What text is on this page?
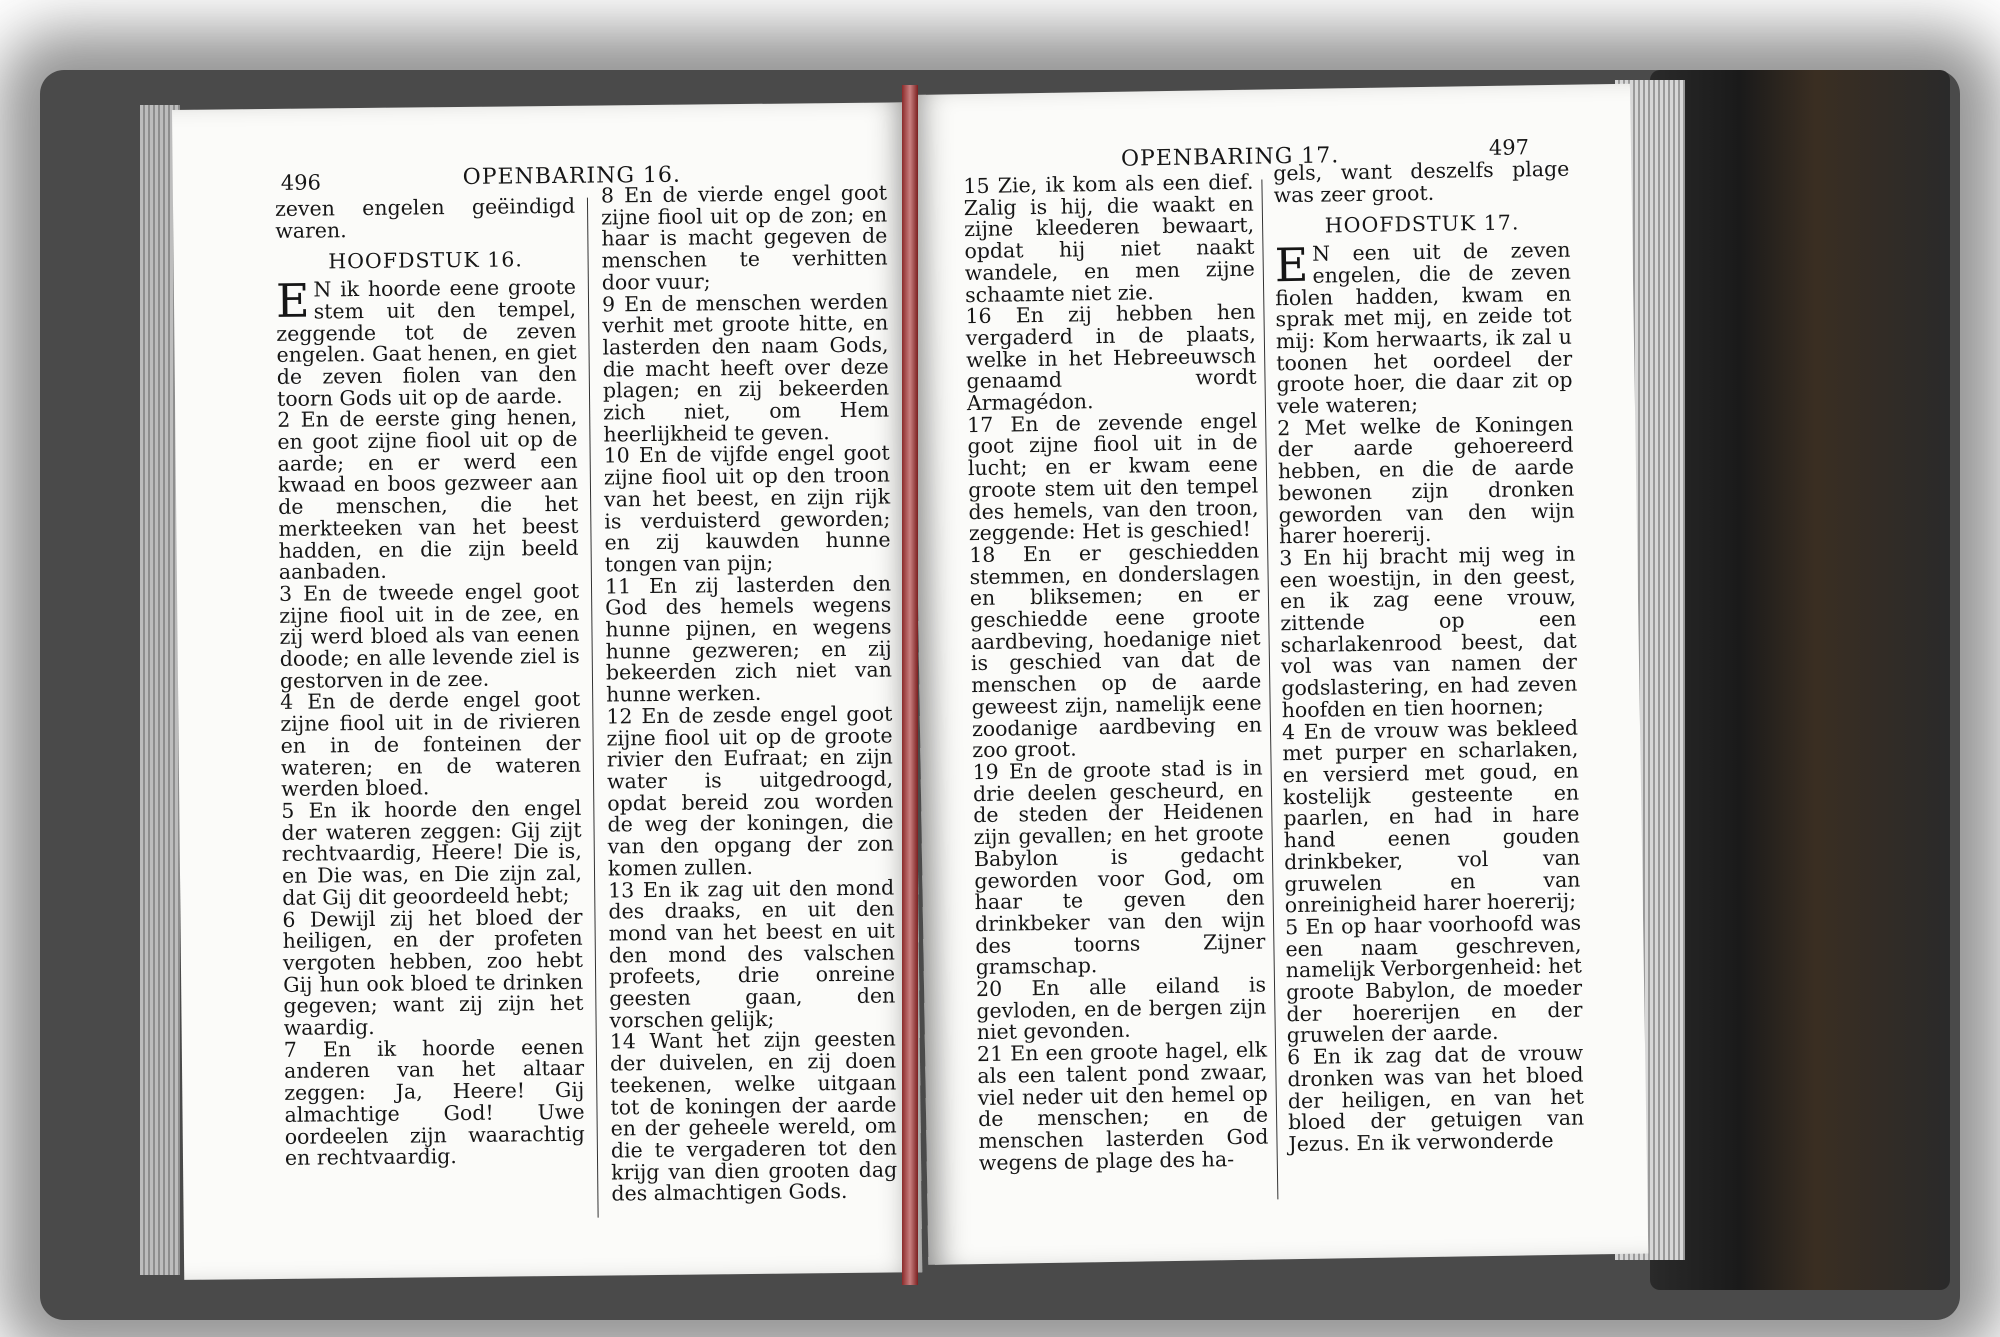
496	OPENBARING 16.

zeven engelen geëindigd waren.

HOOFDSTUK 16.

E N ik hoorde eene groote stem uit den tempel, zeggende tot de zeven engelen. Gaat henen, en giet de zeven fiolen van den toorn Gods uit op de aarde.

2 En de eerste ging henen, en goot zijne fiool uit op de aarde; en er werd een kwaad en boos gezweer aan de menschen, die het merkteeken van het beest hadden, en die zijn beeld aanbaden.

3 En de tweede engel goot zijne fiool uit in de zee, en zij werd bloed als van eenen doode; en alle levende ziel is gestorven in de zee.

4 En de derde engel goot zijne fiool uit in de rivieren en in de fonteinen der wateren; en de wateren werden bloed.

5 En ik hoorde den engel der wateren zeggen: Gij zijt rechtvaardig, Heere! Die is, en Die was, en Die zijn zal, dat Gij dit geoordeeld hebt;

6 Dewijl zij het bloed der heiligen, en der profeten vergoten hebben, zoo hebt Gij hun ook bloed te drinken gegeven; want zij zijn het waardig.

7 En ik hoorde eenen anderen van het altaar zeggen: Ja, Heere! Gij almachtige God! Uwe oordeelen zijn waarachtig en rechtvaardig.

8 En de vierde engel goot zijne fiool uit op de zon; en haar is macht gegeven de menschen te verhitten door vuur;

9 En de menschen werden verhit met groote hitte, en lasterden den naam Gods, die macht heeft over deze plagen; en zij bekeerden zich niet, om Hem heerlijkheid te geven.

10 En de vijfde engel goot zijne fiool uit op den troon van het beest, en zijn rijk is verduisterd geworden; en zij kauwden hunne tongen van pijn;

11 En zij lasterden den God des hemels wegens hunne pijnen, en wegens hunne gezweren; en zij bekeerden zich niet van hunne werken.

12 En de zesde engel goot zijne fiool uit op de groote rivier den Eufraat; en zijn water is uitgedroogd, opdat bereid zou worden de weg der koningen, die van den opgang der zon komen zullen.

13 En ik zag uit den mond des draaks, en uit den mond van het beest en uit den mond des valschen profeets, drie onreine geesten gaan, den vorschen gelijk;

14 Want het zijn geesten der duivelen, en zij doen teekenen, welke uitgaan tot de koningen der aarde en der geheele wereld, om die te vergaderen tot den krijg van dien grooten dag des almachtigen Gods.

OPENBARING 17.	497

15 Zie, ik kom als een dief. Zalig is hij, die waakt en zijne kleederen bewaart, opdat hij niet naakt wandele, en men zijne schaamte niet zie.

16 En zij hebben hen vergaderd in de plaats, welke in het Hebreeuwsch genaamd wordt Armagédon.

17 En de zevende engel goot zijne fiool uit in de lucht; en er kwam eene groote stem uit den tempel des hemels, van den troon, zeggende: Het is geschied!

18 En er geschiedden stemmen, en donderslagen en bliksemen; en er geschiedde eene groote aardbeving, hoedanige niet is geschied van dat de menschen op de aarde geweest zijn, namelijk eene zoodanige aardbeving en zoo groot.

19 En de groote stad is in drie deelen gescheurd, en de steden der Heidenen zijn gevallen; en het groote Babylon is gedacht geworden voor God, om haar te geven den drinkbeker van den wijn des toorns Zijner gramschap.

20 En alle eiland is gevloden, en de bergen zijn niet gevonden.

21 En een groote hagel, elk als een talent pond zwaar, viel neder uit den hemel op de menschen; en de menschen lasterden God wegens de plage des ha-

gels, want deszelfs plage was zeer groot.

HOOFDSTUK 17.

E N een uit de zeven engelen, die de zeven fiolen hadden, kwam en sprak met mij, en zeide tot mij: Kom herwaarts, ik zal u toonen het oordeel der groote hoer, die daar zit op vele wateren;

2 Met welke de Koningen der aarde gehoereerd hebben, en die de aarde bewonen zijn dronken geworden van den wijn harer hoererij.

3 En hij bracht mij weg in een woestijn, in den geest, en ik zag eene vrouw, zittende op een scharlakenrood beest, dat vol was van namen der godslastering, en had zeven hoofden en tien hoornen;

4 En de vrouw was bekleed met purper en scharlaken, en versierd met goud, en kostelijk gesteente en paarlen, en had in hare hand eenen gouden drinkbeker, vol van gruwelen en van onreinigheid harer hoererij;

5 En op haar voorhoofd was een naam geschreven, namelijk Verborgenheid: het groote Babylon, de moeder der hoererijen en der gruwelen der aarde.

6 En ik zag dat de vrouw dronken was van het bloed der heiligen, en van het bloed der getuigen van Jezus. En ik verwonderde
